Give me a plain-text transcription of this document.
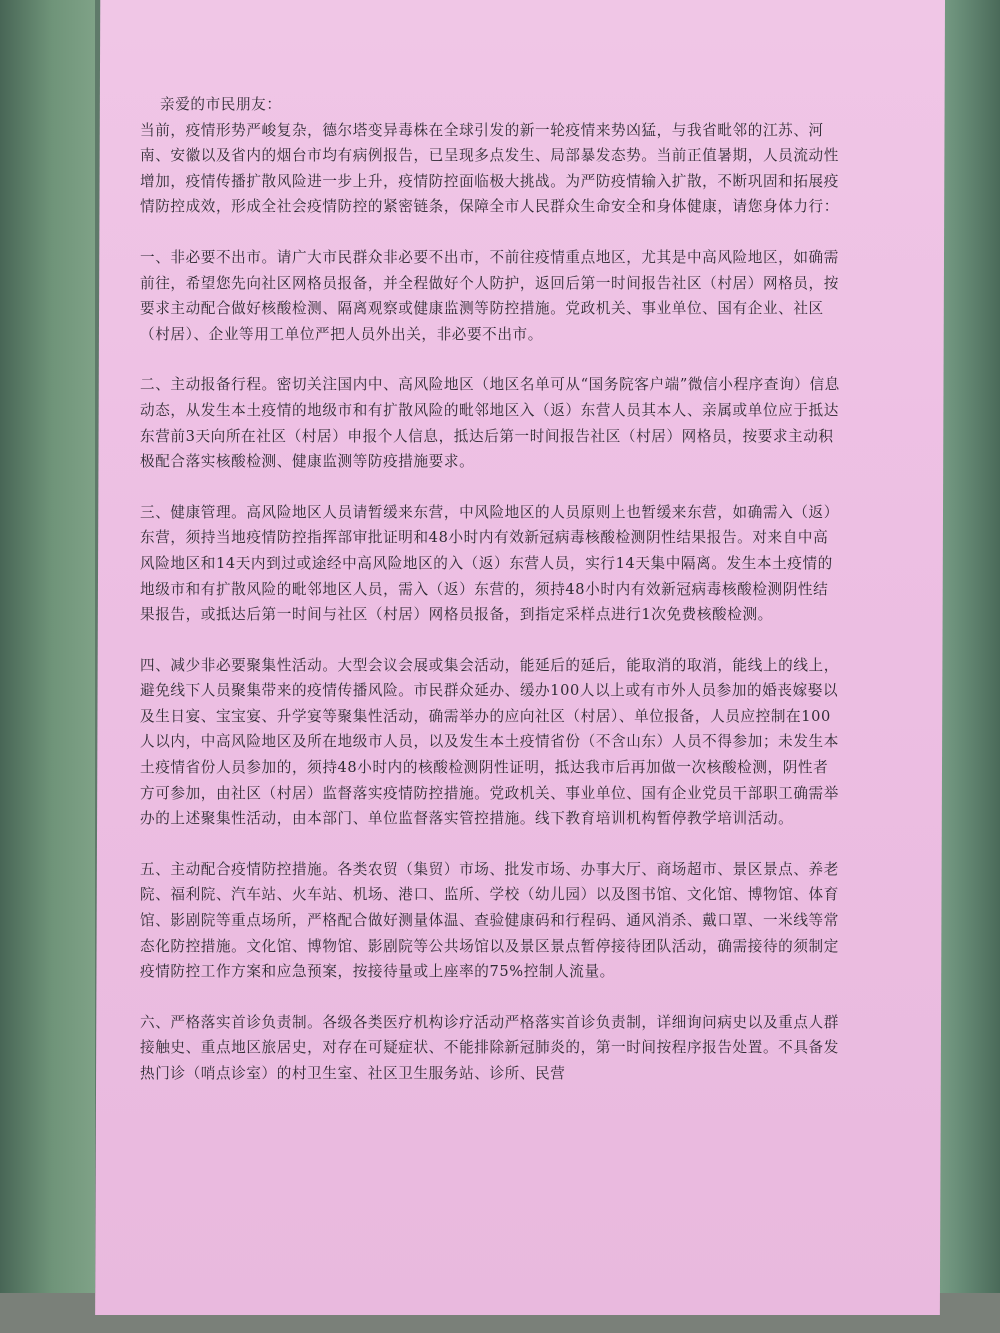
亲爱的市民朋友：

当前，疫情形势严峻复杂，德尔塔变异毒株在全球引发的新一轮疫情来势凶猛，与我省毗邻的江苏、河南、安徽以及省内的烟台市均有病例报告，已呈现多点发生、局部暴发态势。当前正值暑期，人员流动性增加，疫情传播扩散风险进一步上升，疫情防控面临极大挑战。为严防疫情输入扩散，不断巩固和拓展疫情防控成效，形成全社会疫情防控的紧密链条，保障全市人民群众生命安全和身体健康，请您身体力行：

一、非必要不出市。请广大市民群众非必要不出市，不前往疫情重点地区，尤其是中高风险地区，如确需前往，希望您先向社区网格员报备，并全程做好个人防护，返回后第一时间报告社区（村居）网格员，按要求主动配合做好核酸检测、隔离观察或健康监测等防控措施。党政机关、事业单位、国有企业、社区（村居）、企业等用工单位严把人员外出关，非必要不出市。

二、主动报备行程。密切关注国内中、高风险地区（地区名单可从“国务院客户端”微信小程序查询）信息动态，从发生本土疫情的地级市和有扩散风险的毗邻地区入（返）东营人员其本人、亲属或单位应于抵达东营前3天向所在社区（村居）申报个人信息，抵达后第一时间报告社区（村居）网格员，按要求主动积极配合落实核酸检测、健康监测等防疫措施要求。

三、健康管理。高风险地区人员请暂缓来东营，中风险地区的人员原则上也暂缓来东营，如确需入（返）东营，须持当地疫情防控指挥部审批证明和48小时内有效新冠病毒核酸检测阴性结果报告。对来自中高风险地区和14天内到过或途经中高风险地区的入（返）东营人员，实行14天集中隔离。发生本土疫情的地级市和有扩散风险的毗邻地区人员，需入（返）东营的，须持48小时内有效新冠病毒核酸检测阴性结果报告，或抵达后第一时间与社区（村居）网格员报备，到指定采样点进行1次免费核酸检测。

四、减少非必要聚集性活动。大型会议会展或集会活动，能延后的延后，能取消的取消，能线上的线上，避免线下人员聚集带来的疫情传播风险。市民群众延办、缓办100人以上或有市外人员参加的婚丧嫁娶以及生日宴、宝宝宴、升学宴等聚集性活动，确需举办的应向社区（村居）、单位报备，人员应控制在100人以内，中高风险地区及所在地级市人员，以及发生本土疫情省份（不含山东）人员不得参加；未发生本土疫情省份人员参加的，须持48小时内的核酸检测阴性证明，抵达我市后再加做一次核酸检测，阴性者方可参加，由社区（村居）监督落实疫情防控措施。党政机关、事业单位、国有企业党员干部职工确需举办的上述聚集性活动，由本部门、单位监督落实管控措施。线下教育培训机构暂停教学培训活动。

五、主动配合疫情防控措施。各类农贸（集贸）市场、批发市场、办事大厅、商场超市、景区景点、养老院、福利院、汽车站、火车站、机场、港口、监所、学校（幼儿园）以及图书馆、文化馆、博物馆、体育馆、影剧院等重点场所，严格配合做好测量体温、查验健康码和行程码、通风消杀、戴口罩、一米线等常态化防控措施。文化馆、博物馆、影剧院等公共场馆以及景区景点暂停接待团队活动，确需接待的须制定疫情防控工作方案和应急预案，按接待量或上座率的75%控制人流量。

六、严格落实首诊负责制。各级各类医疗机构诊疗活动严格落实首诊负责制，详细询问病史以及重点人群接触史、重点地区旅居史，对存在可疑症状、不能排除新冠肺炎的，第一时间按程序报告处置。不具备发热门诊（哨点诊室）的村卫生室、社区卫生服务站、诊所、民营
